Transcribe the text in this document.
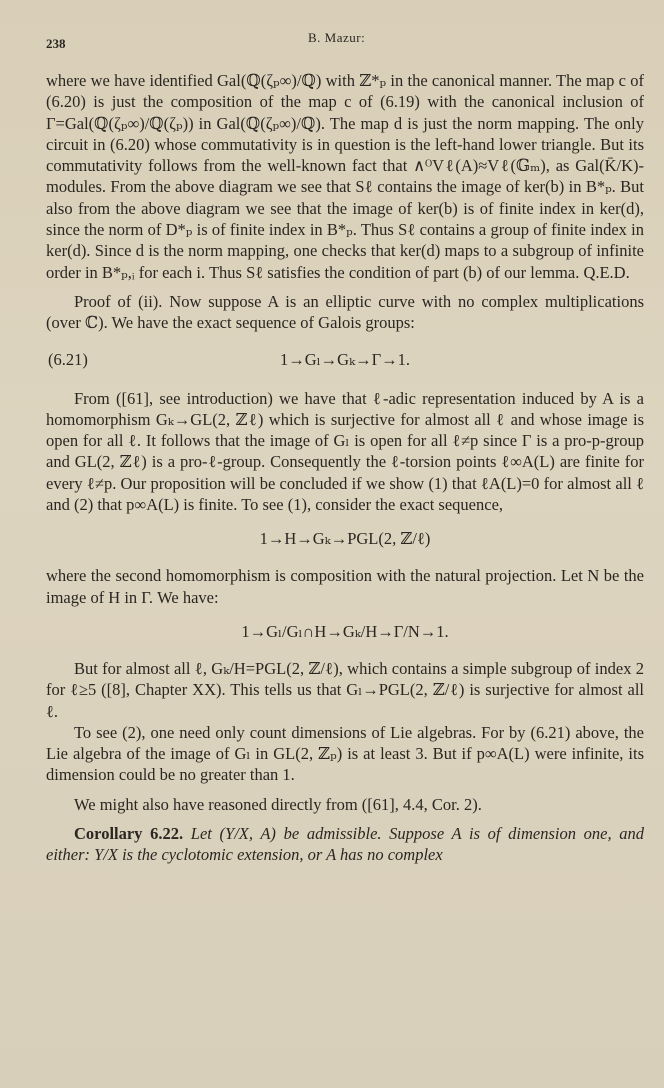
238	B. Mazur:

where we have identified Gal(ℚ(ζₚ∞)/ℚ) with ℤ*ₚ in the canonical manner. The map c of (6.20) is just the composition of the map c of (6.19) with the canonical inclusion of Γ=Gal(ℚ(ζₚ∞)/ℚ(ζₚ)) in Gal(ℚ(ζₚ∞)/ℚ). The map d is just the norm mapping. The only circuit in (6.20) whose commutativity is in question is the left-hand lower triangle. But its commutativity follows from the well-known fact that ∧ᴼVℓ(A)≈Vℓ(𝔾ₘ), as Gal(K̄/K)-modules. From the above diagram we see that Sℓ contains the image of ker(b) in B*ₚ. But also from the above diagram we see that the image of ker(b) is of finite index in ker(d), since the norm of D*ₚ is of finite index in B*ₚ. Thus Sℓ contains a group of finite index in ker(d). Since d is the norm mapping, one checks that ker(d) maps to a subgroup of infinite order in B*ₚ,ᵢ for each i. Thus Sℓ satisfies the condition of part (b) of our lemma. Q.E.D.

Proof of (ii). Now suppose A is an elliptic curve with no complex multiplications (over ℂ). We have the exact sequence of Galois groups:

(6.21)	1→Gₗ→Gₖ→Γ→1.

From ([61], see introduction) we have that ℓ-adic representation induced by A is a homomorphism Gₖ→GL(2, ℤℓ) which is surjective for almost all ℓ and whose image is open for all ℓ. It follows that the image of Gₗ is open for all ℓ≠p since Γ is a pro-p-group and GL(2, ℤℓ) is a pro-ℓ-group. Consequently the ℓ-torsion points ℓ∞A(L) are finite for every ℓ≠p. Our proposition will be concluded if we show (1) that ℓA(L)=0 for almost all ℓ and (2) that p∞A(L) is finite. To see (1), consider the exact sequence,

1→H→Gₖ→PGL(2, ℤ/ℓ)

where the second homomorphism is composition with the natural projection. Let N be the image of H in Γ. We have:

1→Gₗ/Gₗ∩H→Gₖ/H→Γ/N→1.

But for almost all ℓ, Gₖ/H=PGL(2, ℤ/ℓ), which contains a simple subgroup of index 2 for ℓ≥5 ([8], Chapter XX). This tells us that Gₗ→PGL(2, ℤ/ℓ) is surjective for almost all ℓ.

To see (2), one need only count dimensions of Lie algebras. For by (6.21) above, the Lie algebra of the image of Gₗ in GL(2, ℤₚ) is at least 3. But if p∞A(L) were infinite, its dimension could be no greater than 1.

We might also have reasoned directly from ([61], 4.4, Cor. 2).

Corollary 6.22. Let (Y/X, A) be admissible. Suppose A is of dimension one, and either: Y/X is the cyclotomic extension, or A has no complex
